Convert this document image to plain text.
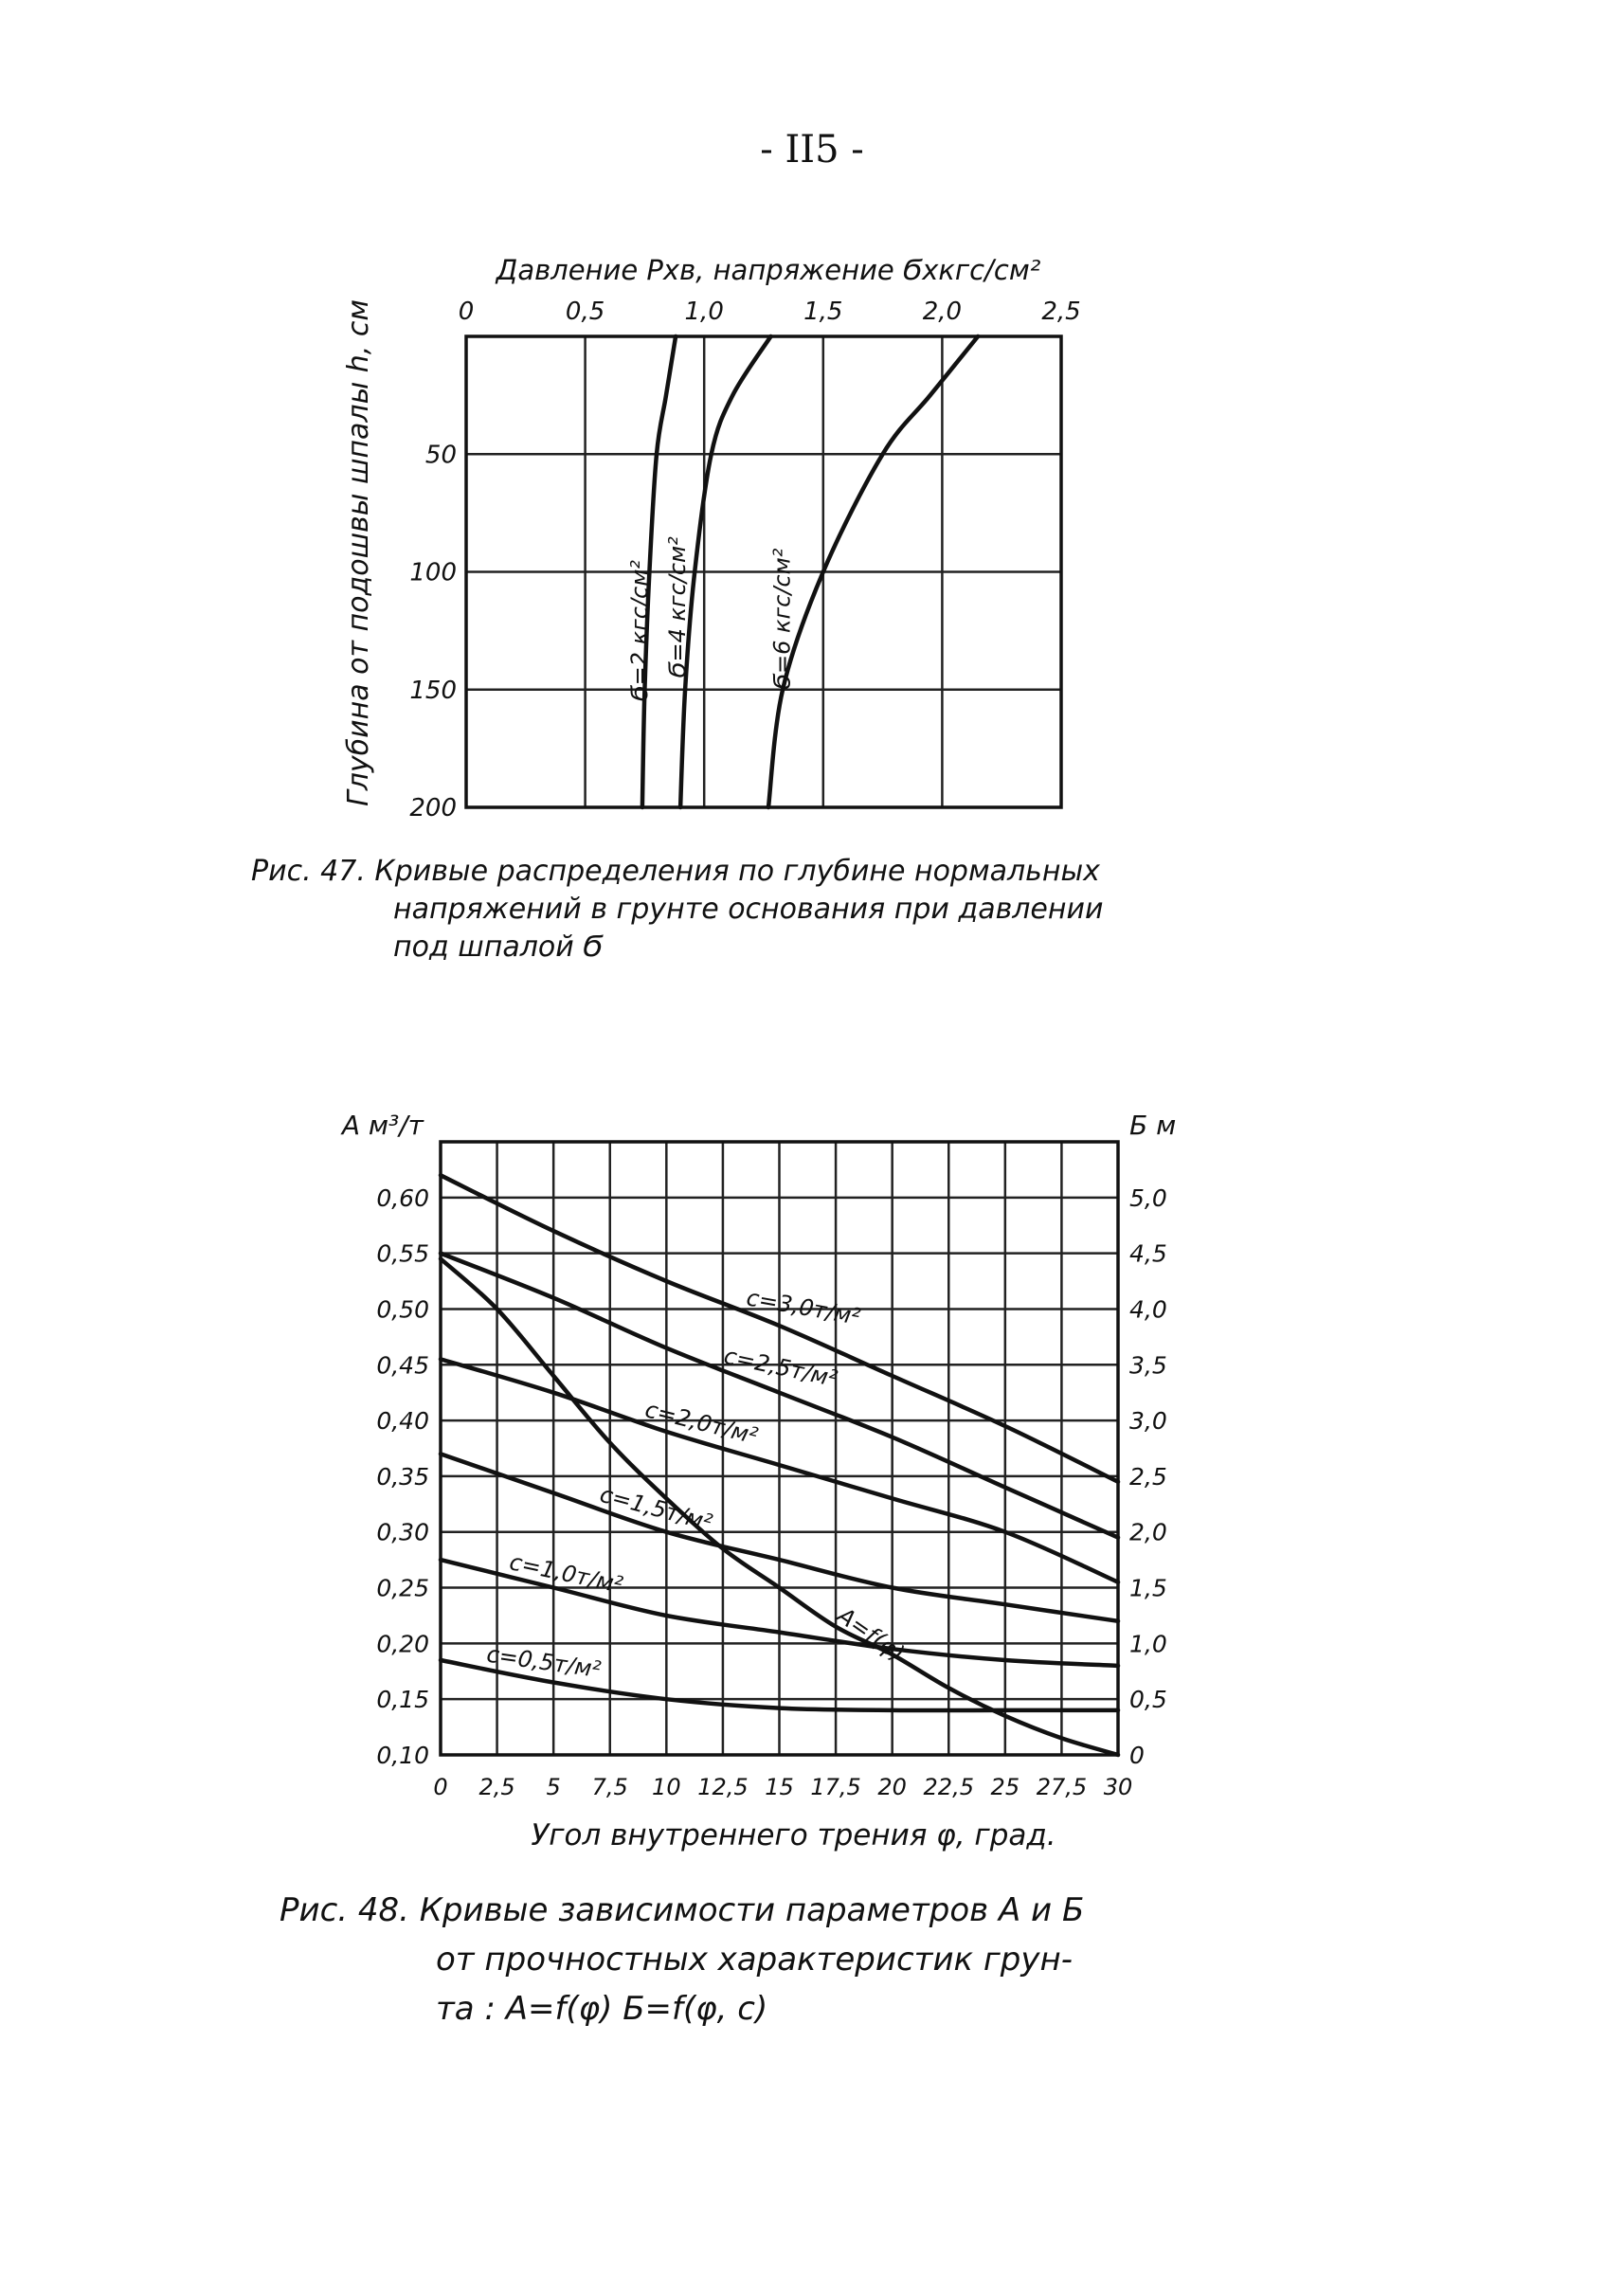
- II5 -
0	0,5	1,0	1,5	2,0	2,5
50
100
150
200
Давление Рхв, напряжение Ϭхкгс/см²
Глубина от подошвы шпалы h, см	Ϭ=2 кгс/см² Ϭ=4 кгс/см²	Ϭ=6 кгс/см²
0 2,5 5 7,5 10 12,5 15 17,5 20 22,5 25 27,5 30
0,10
0,15
0,20
0,25
0,30
0,35
0,40
0,45
0,50
0,55
0,60
0
0,5
1,0
1,5
2,0
2,5
3,0
3,5
4,0
4,5
5,0
А м³/т	Б м
Угол внутреннего трения φ, град.
А=f(φ)
с=3,0т/м²
с=2,5т/м²
с=2,0т/м²
с=1,5т/м²
с=1,0т/м²
с=0,5т/м²
Рис. 47. Кривые распределения по глубине нормальных
напряжений в грунте основания при давлении
под шпалой Ϭ
Рис. 48. Кривые зависимости параметров А и Б
от прочностных характеристик грун-
та : А=f(φ) Б=f(φ, с)
